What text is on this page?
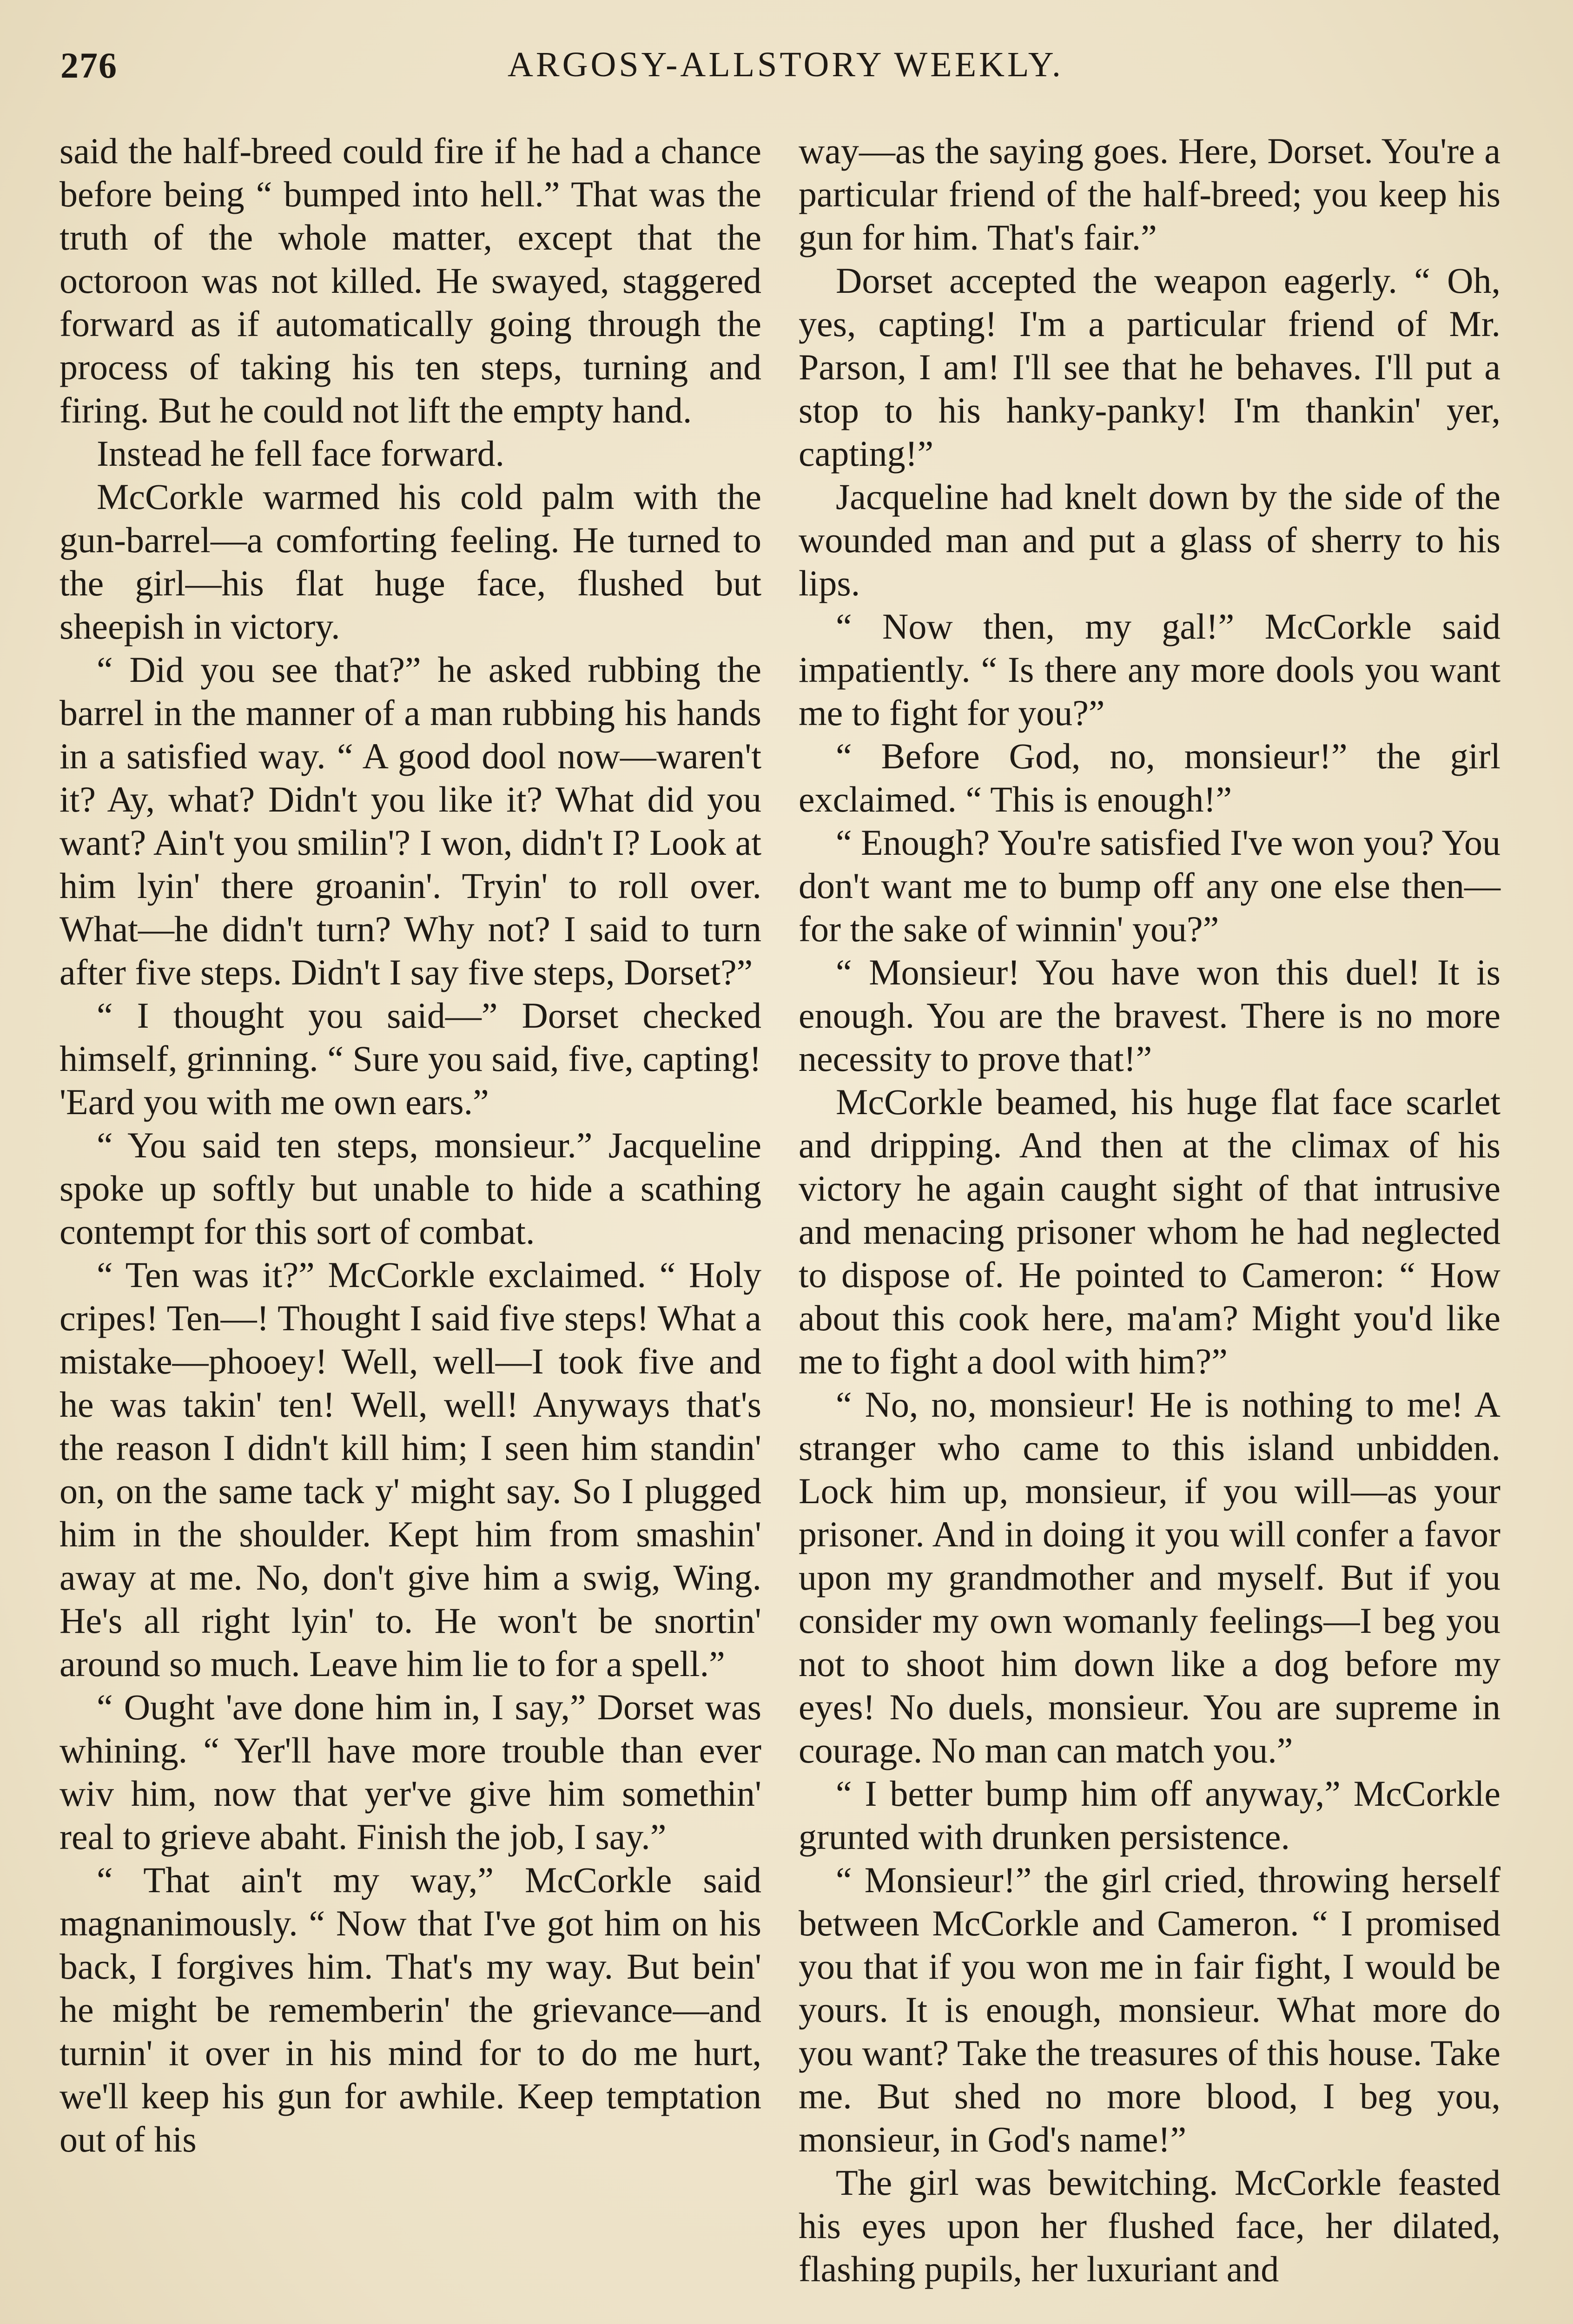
276	ARGOSY-ALLSTORY WEEKLY.

said the half-breed could fire if he had a chance before being “ bumped into hell.” That was the truth of the whole matter, except that the octoroon was not killed. He swayed, staggered forward as if automatically going through the process of taking his ten steps, turning and firing. But he could not lift the empty hand.

Instead he fell face forward.

McCorkle warmed his cold palm with the gun-barrel—a comforting feeling. He turned to the girl—his flat huge face, flushed but sheepish in victory.

“ Did you see that?” he asked rubbing the barrel in the manner of a man rubbing his hands in a satisfied way. “ A good dool now—waren't it? Ay, what? Didn't you like it? What did you want? Ain't you smilin'? I won, didn't I? Look at him lyin' there groanin'. Tryin' to roll over. What—he didn't turn? Why not? I said to turn after five steps. Didn't I say five steps, Dorset?”

“ I thought you said—” Dorset checked himself, grinning. “ Sure you said, five, capting! 'Eard you with me own ears.”

“ You said ten steps, monsieur.” Jacqueline spoke up softly but unable to hide a scathing contempt for this sort of combat.

“ Ten was it?” McCorkle exclaimed. “ Holy cripes! Ten—! Thought I said five steps! What a mistake—phooey! Well, well—I took five and he was takin' ten! Well, well! Anyways that's the reason I didn't kill him; I seen him standin' on, on the same tack y' might say. So I plugged him in the shoulder. Kept him from smashin' away at me. No, don't give him a swig, Wing. He's all right lyin' to. He won't be snortin' around so much. Leave him lie to for a spell.”

“ Ought 'ave done him in, I say,” Dorset was whining. “ Yer'll have more trouble than ever wiv him, now that yer've give him somethin' real to grieve abaht. Finish the job, I say.”

“ That ain't my way,” McCorkle said magnanimously. “ Now that I've got him on his back, I forgives him. That's my way. But bein' he might be rememberin' the grievance—and turnin' it over in his mind for to do me hurt, we'll keep his gun for awhile. Keep temptation out of his

way—as the saying goes. Here, Dorset. You're a particular friend of the half-breed; you keep his gun for him. That's fair.”

Dorset accepted the weapon eagerly. “ Oh, yes, capting! I'm a particular friend of Mr. Parson, I am! I'll see that he behaves. I'll put a stop to his hanky-panky! I'm thankin' yer, capting!”

Jacqueline had knelt down by the side of the wounded man and put a glass of sherry to his lips.

“ Now then, my gal!” McCorkle said impatiently. “ Is there any more dools you want me to fight for you?”

“ Before God, no, monsieur!” the girl exclaimed. “ This is enough!”

“ Enough? You're satisfied I've won you? You don't want me to bump off any one else then—for the sake of winnin' you?”

“ Monsieur! You have won this duel! It is enough. You are the bravest. There is no more necessity to prove that!”

McCorkle beamed, his huge flat face scarlet and dripping. And then at the climax of his victory he again caught sight of that intrusive and menacing prisoner whom he had neglected to dispose of. He pointed to Cameron: “ How about this cook here, ma'am? Might you'd like me to fight a dool with him?”

“ No, no, monsieur! He is nothing to me! A stranger who came to this island unbidden. Lock him up, monsieur, if you will—as your prisoner. And in doing it you will confer a favor upon my grandmother and myself. But if you consider my own womanly feelings—I beg you not to shoot him down like a dog before my eyes! No duels, monsieur. You are supreme in courage. No man can match you.”

“ I better bump him off anyway,” McCorkle grunted with drunken persistence.

“ Monsieur!” the girl cried, throwing herself between McCorkle and Cameron. “ I promised you that if you won me in fair fight, I would be yours. It is enough, monsieur. What more do you want? Take the treasures of this house. Take me. But shed no more blood, I beg you, monsieur, in God's name!”

The girl was bewitching. McCorkle feasted his eyes upon her flushed face, her dilated, flashing pupils, her luxuriant and
